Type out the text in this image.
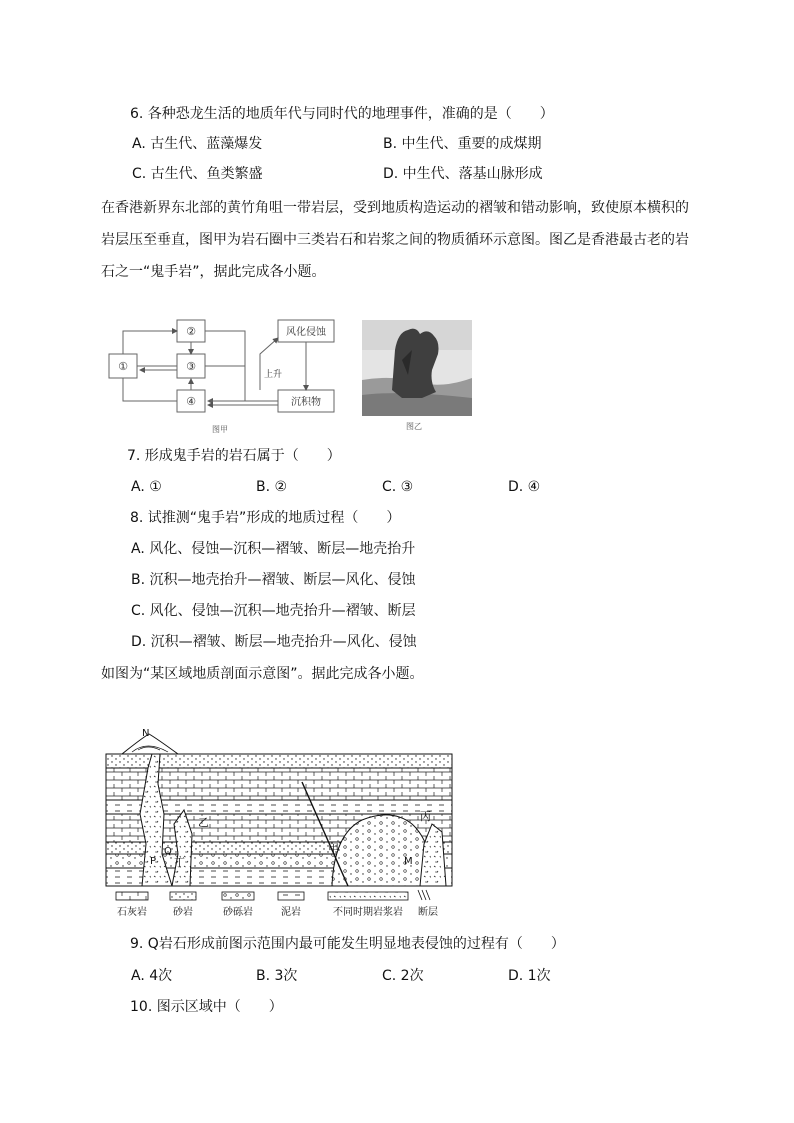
6. 各种恐龙生活的地质年代与同时代的地理事件，准确的是（　　）
A. 古生代、蓝藻爆发	B. 中生代、重要的成煤期
C. 古生代、鱼类繁盛	D. 中生代、落基山脉形成
在香港新界东北部的黄竹角咀一带岩层，受到地质构造运动的褶皱和错动影响，致使原本横积的
岩层压至垂直，图甲为岩石圈中三类岩石和岩浆之间的物质循环示意图。图乙是香港最古老的岩
石之一“鬼手岩”，据此完成各小题。
①
②
③
④
风化侵蚀
沉积物
上升
图甲	图乙
7. 形成鬼手岩的岩石属于（　　）
A. ①	B. ②	C. ③	D. ④
8. 试推测“鬼手岩”形成的地质过程（　　）
A. 风化、侵蚀—沉积—褶皱、断层—地壳抬升
B. 沉积—地壳抬升—褶皱、断层—风化、侵蚀
C. 风化、侵蚀—沉积—地壳抬升—褶皱、断层
D. 沉积—褶皱、断层—地壳抬升—风化、侵蚀
如图为“某区域地质剖面示意图”。据此完成各小题。
N
乙	丙
甲
Q
P 丁	M
石灰岩	砂岩	砂砾岩	泥岩	不同时期岩浆岩 断层
9. Q岩石形成前图示范围内最可能发生明显地表侵蚀的过程有（　　）
A. 4次	B. 3次	C. 2次	D. 1次
10. 图示区域中（　　）
